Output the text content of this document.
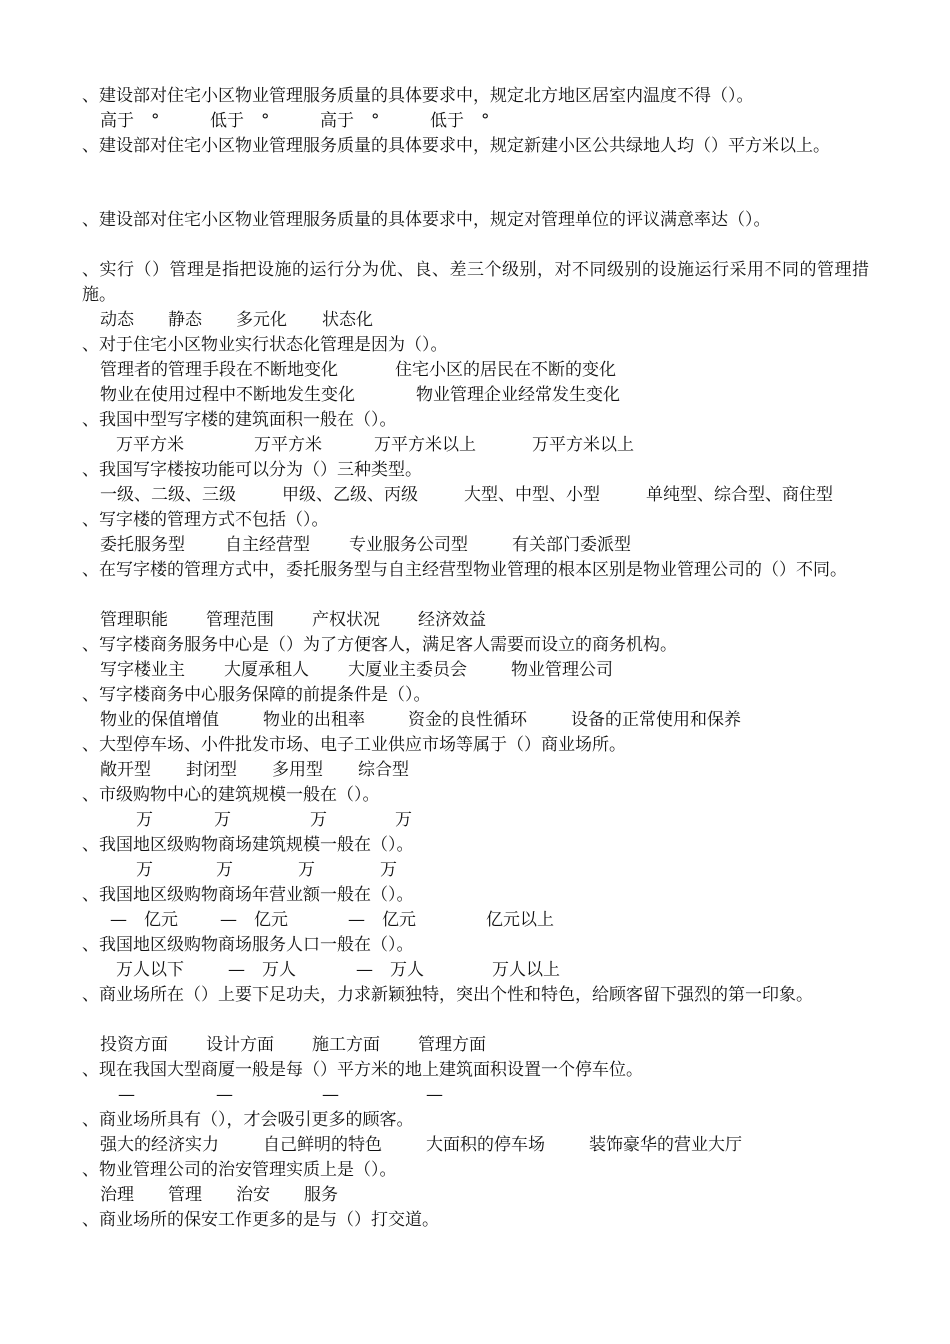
、建设部对住宅小区物业管理服务质量的具体要求中，规定北方地区居室内温度不得（）。
高于　°	低于　°	高于　°	低于　°
、建设部对住宅小区物业管理服务质量的具体要求中，规定新建小区公共绿地人均（）平方米以上。
、建设部对住宅小区物业管理服务质量的具体要求中，规定对管理单位的评议满意率达（）。
、实行（）管理是指把设施的运行分为优、良、差三个级别，对不同级别的设施运行采用不同的管理措施。
动态 静态 多元化 状态化
、对于住宅小区物业实行状态化管理是因为（）。
管理者的管理手段在不断地变化	住宅小区的居民在不断的变化
物业在使用过程中不断地发生变化	物业管理企业经常发生变化
、我国中型写字楼的建筑面积一般在（）。
万平方米	万平方米	万平方米以上	万平方米以上
、我国写字楼按功能可以分为（）三种类型。
一级、二级、三级	甲级、乙级、丙级	大型、中型、小型	单纯型、综合型、商住型
、写字楼的管理方式不包括（）。
委托服务型 自主经营型 专业服务公司型	有关部门委派型
、在写字楼的管理方式中，委托服务型与自主经营型物业管理的根本区别是物业管理公司的（）不同。
管理职能 管理范围 产权状况 经济效益
、写字楼商务服务中心是（）为了方便客人，满足客人需要而设立的商务机构。
写字楼业主 大厦承租人 大厦业主委员会	物业管理公司
、写字楼商务中心服务保障的前提条件是（）。
物业的保值增值	物业的出租率	资金的良性循环	设备的正常使用和保养
、大型停车场、小件批发市场、电子工业供应市场等属于（）商业场所。
敞开型 封闭型 多用型 综合型
、市级购物中心的建筑规模一般在（）。
万	万	万	万
、我国地区级购物商场建筑规模一般在（）。
万	万	万	万
、我国地区级购物商场年营业额一般在（）。
—　亿元 —　亿元	—　亿元	亿元以上
、我国地区级购物商场服务人口一般在（）。
万人以下	—　万人	—　万人	万人以上
、商业场所在（）上要下足功夫，力求新颖独特，突出个性和特色，给顾客留下强烈的第一印象。
投资方面 设计方面 施工方面 管理方面
、现在我国大型商厦一般是每（）平方米的地上建筑面积设置一个停车位。
—	—	—	—
、商业场所具有（），才会吸引更多的顾客。
强大的经济实力	自己鲜明的特色	大面积的停车场	装饰豪华的营业大厅
、物业管理公司的治安管理实质上是（）。
治理 管理 治安 服务
、商业场所的保安工作更多的是与（）打交道。
